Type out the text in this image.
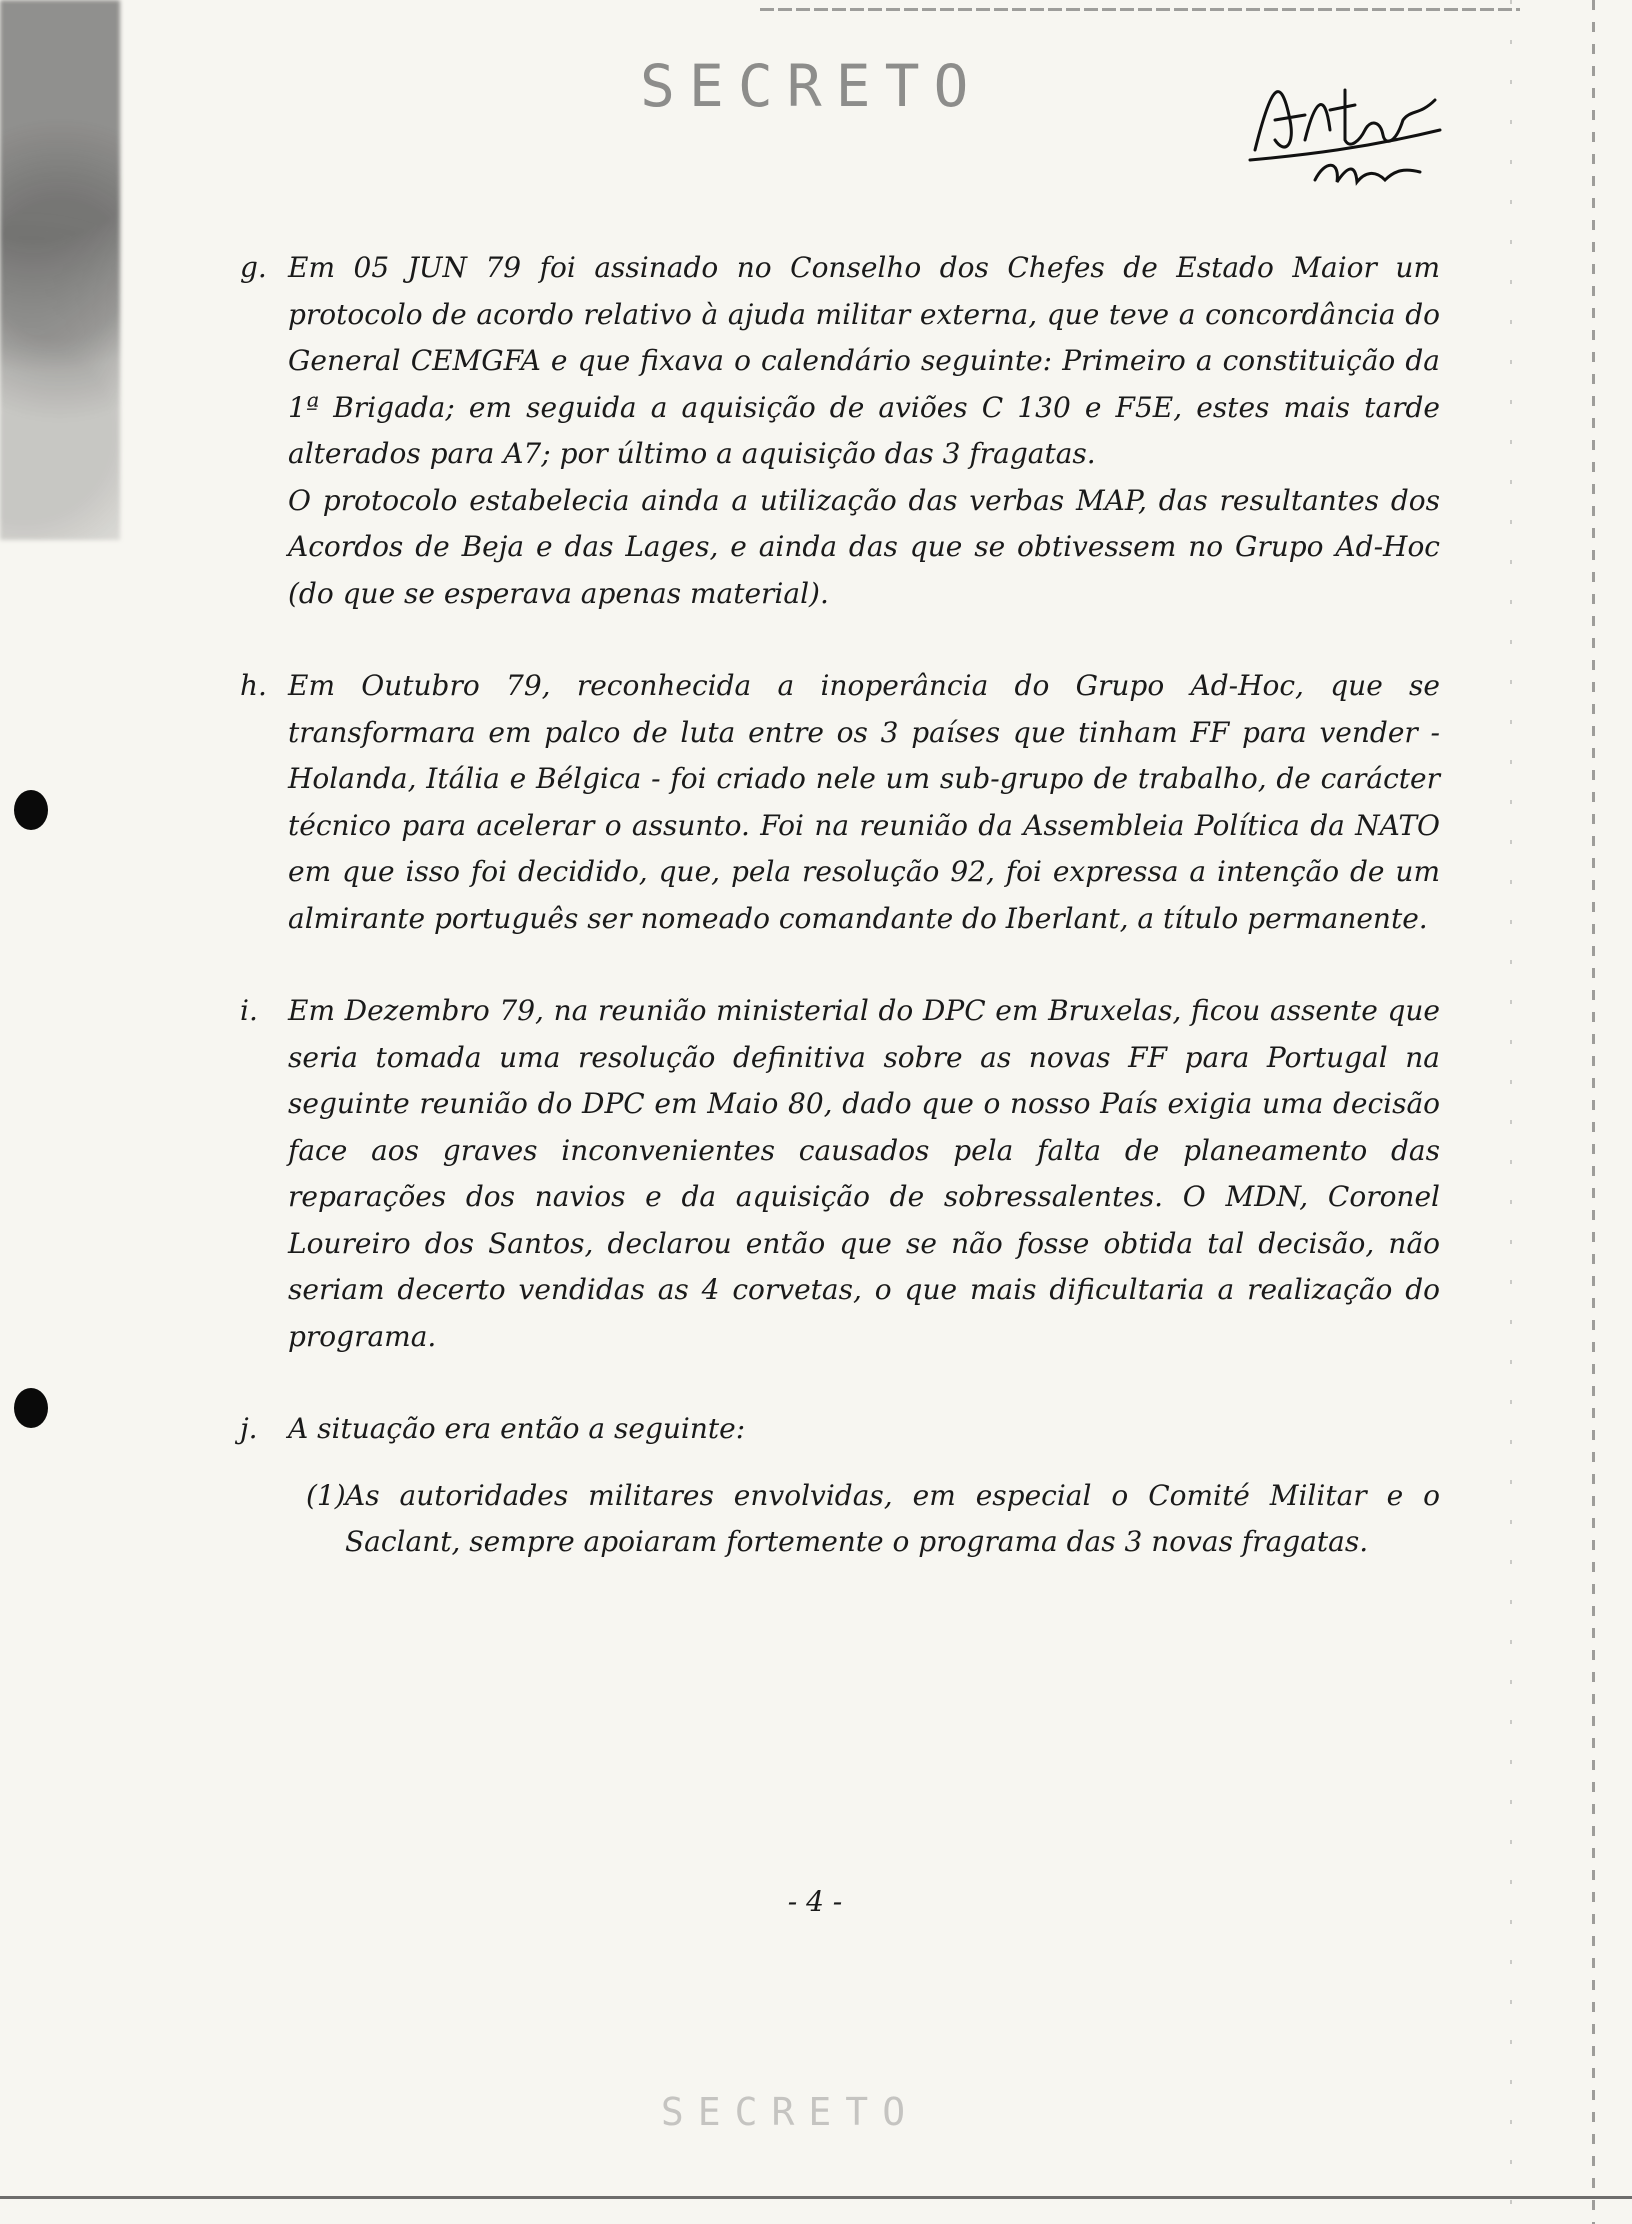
SECRETO
g. Em 05 JUN 79 foi assinado no Conselho dos Chefes de Estado Maior um protocolo de acordo relativo à ajuda militar externa, que teve a concordância do General CEMGFA e que fixava o calendário seguinte: Primeiro a constituição da 1ª Brigada; em seguida a aquisição de aviões C 130 e F5E, estes mais tarde alterados para A7; por último a aquisição das 3 fragatas.

O protocolo estabelecia ainda a utilização das verbas MAP, das resultantes dos Acordos de Beja e das Lages, e ainda das que se obtivessem no Grupo Ad-Hoc (do que se esperava apenas material).

h. Em Outubro 79, reconhecida a inoperância do Grupo Ad-Hoc, que se transformara em palco de luta entre os 3 países que tinham FF para vender - Holanda, Itália e Bélgica - foi criado nele um sub-grupo de trabalho, de carácter técnico para acelerar o assunto. Foi na reunião da Assembleia Política da NATO em que isso foi decidido, que, pela resolução 92, foi expressa a intenção de um almirante português ser nomeado comandante do Iberlant, a título permanente.

i. Em Dezembro 79, na reunião ministerial do DPC em Bruxelas, ficou assente que seria tomada uma resolução definitiva sobre as novas FF para Portugal na seguinte reunião do DPC em Maio 80, dado que o nosso País exigia uma decisão face aos graves inconvenientes causados pela falta de planeamento das reparações dos navios e da aquisição de sobressalentes. O MDN, Coronel Loureiro dos Santos, declarou então que se não fosse obtida tal decisão, não seriam decerto vendidas as 4 corvetas, o que mais dificultaria a realização do programa.

j. A situação era então a seguinte:

(1) As autoridades militares envolvidas, em especial o Comité Militar e o Saclant, sempre apoiaram fortemente o programa das 3 novas fragatas.

- 4 -
SECRETO
